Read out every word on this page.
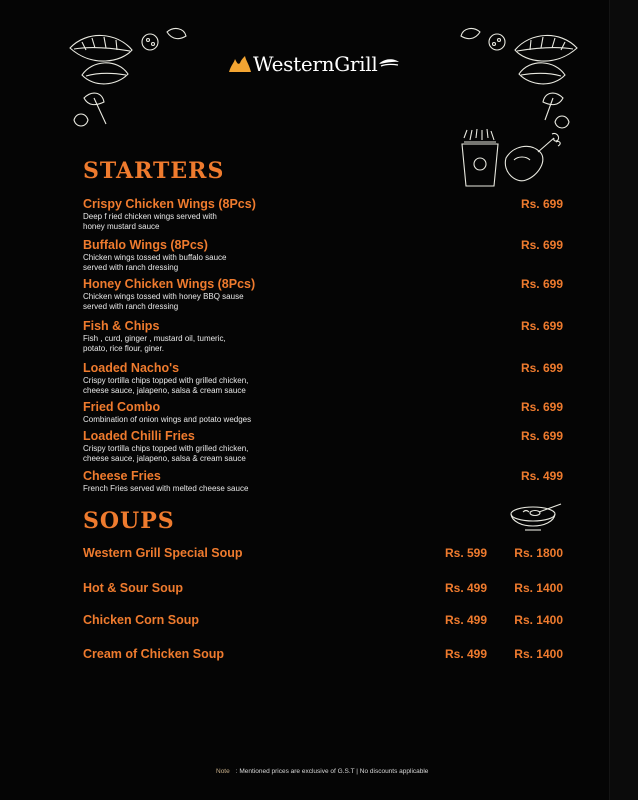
WesternGrill
STARTERS
Crispy Chicken Wings (8Pcs)
Deep f ried chicken wings served with
honey mustard sauce
Rs. 699
Buffalo Wings (8Pcs)
Chicken wings tossed with buffalo sauce
served with ranch dressing
Rs. 699
Honey Chicken Wings (8Pcs)
Chicken wings tossed with honey BBQ sause
served with ranch dressing
Rs. 699
Fish & Chips
Fish , curd, ginger , mustard oil, tumeric,
potato, rice flour, giner.
Rs. 699
Loaded Nacho's
Crispy tortilla chips topped with grilled chicken,
cheese sauce, jalapeno, salsa & cream sauce
Rs. 699
Fried Combo
Combination of onion wings and potato wedges
Rs. 699
Loaded Chilli Fries
Crispy tortilla chips topped with grilled chicken,
cheese sauce, jalapeno, salsa & cream sauce
Rs. 699
Cheese Fries
French Fries served with melted cheese sauce
Rs. 499
SOUPS
Western Grill Special Soup	Rs. 599 Rs. 1800
Hot & Sour Soup	Rs. 499 Rs. 1400
Chicken Corn Soup	Rs. 499 Rs. 1400
Cream of Chicken Soup	Rs. 499 Rs. 1400
Note : Mentioned prices are exclusive of G.S.T | No discounts applicable
